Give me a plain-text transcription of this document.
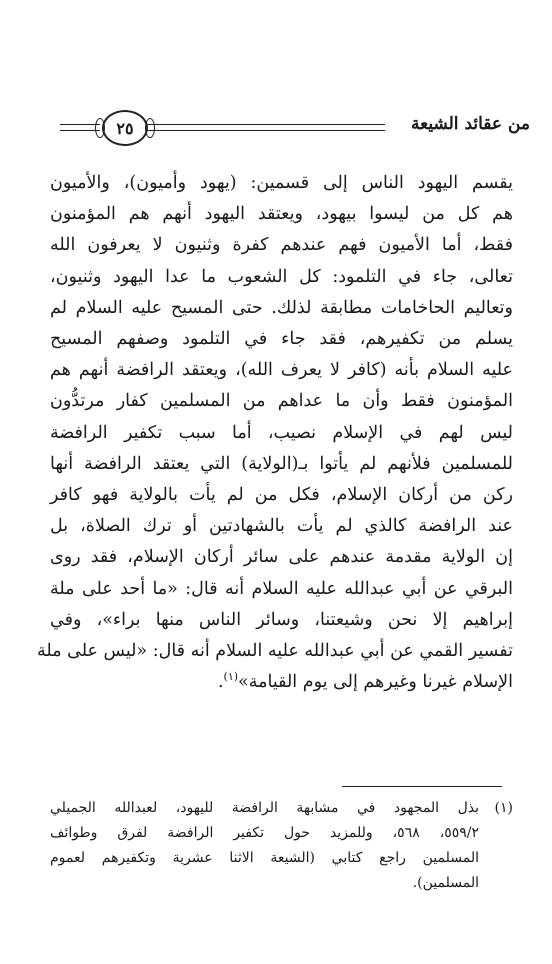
٢٥	من عقائد الشيعة
يقسم اليهود الناس إلى قسمين: (يهود وأميون)، والأميون
هم كل من ليسوا بيهود، ويعتقد اليهود أنهم هم المؤمنون
فقط، أما الأميون فهم عندهم كفرة وثنيون لا يعرفون الله
تعالى، جاء في التلمود: كل الشعوب ما عدا اليهود وثنيون،
وتعاليم الحاخامات مطابقة لذلك. حتى المسيح عليه السلام لم
يسلم من تكفيرهم، فقد جاء في التلمود وصفهم المسيح
عليه السلام بأنه (كافر لا يعرف الله)، ويعتقد الرافضة أنهم هم
المؤمنون فقط وأن ما عداهم من المسلمين كفار مرتدُّون
ليس لهم في الإسلام نصيب، أما سبب تكفير الرافضة
للمسلمين فلأنهم لم يأتوا بـ(الولاية) التي يعتقد الرافضة أنها
ركن من أركان الإسلام، فكل من لم يأت بالولاية فهو كافر
عند الرافضة كالذي لم يأت بالشهادتين أو ترك الصلاة، بل
إن الولاية مقدمة عندهم على سائر أركان الإسلام، فقد روى
البرقي عن أبي عبدالله عليه السلام أنه قال: «ما أحد على ملة
إبراهيم إلا نحن وشيعتنا، وسائر الناس منها براء»، وفي
تفسير القمي عن أبي عبدالله عليه السلام أنه قال: «ليس على ملة
الإسلام غيرنا وغيرهم إلى يوم القيامة»$^{(١)}$.
(١)
بذل المجهود في مشابهة الرافضة لليهود، لعبدالله الجميلي
٥٥٩/٢، ٥٦٨، وللمزيد حول تكفير الرافضة لفرق وطوائف
المسلمين راجع كتابي (الشيعة الاثنا عشرية وتكفيرهم لعموم
المسلمين).
